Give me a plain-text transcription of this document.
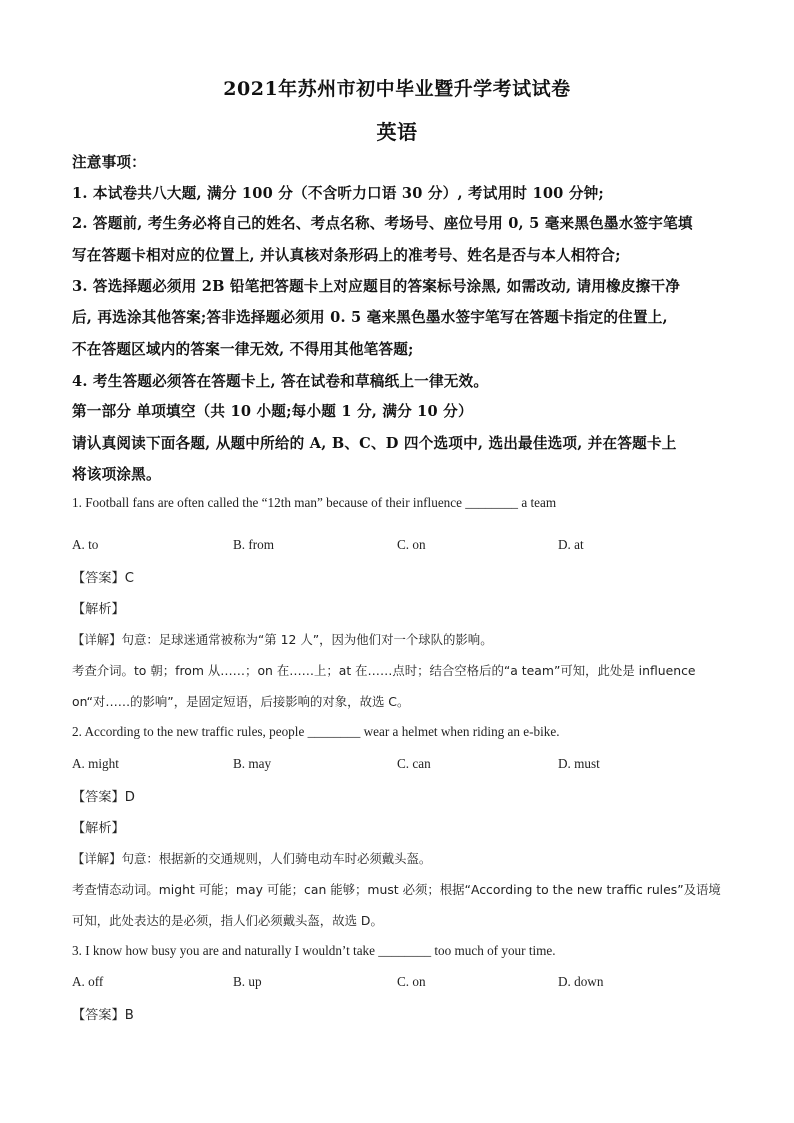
2021年苏州市初中毕业暨升学考试试卷
英语
注意事项：
1. 本试卷共八大题, 满分 100 分（不含听力口语 30 分）, 考试用时 100 分钟;
2. 答题前, 考生务必将自己的姓名、考点名称、考场号、座位号用 0, 5 毫来黑色墨水签宇笔填
写在答题卡相对应的位置上, 并认真核对条形码上的准考号、姓名是否与本人相符合;
3. 答选择题必须用 2B 铅笔把答题卡上对应题目的答案标号涂黑, 如需改动, 请用橡皮擦干净
后, 再选涂其他答案;答非选择题必须用 0. 5 毫来黑色墨水签宇笔写在答题卡指定的住置上,
不在答题区域内的答案一律无效, 不得用其他笔答题;
4. 考生答题必须答在答题卡上, 答在试卷和草稿纸上一律无效。
第一部分 单项填空（共 10 小题;每小题 1 分, 满分 10 分）
请认真阅读下面各题, 从题中所给的 A, B、C、D 四个选项中, 选出最佳选项, 并在答题卡上
将该项涂黑。
1. Football fans are often called the “12th man” because of their influence ________ a team
A. to	B. from	C. on	D. at
【答案】C
【解析】
【详解】句意：足球迷通常被称为“第 12 人”，因为他们对一个球队的影响。
考查介词。to 朝；from 从……；on 在……上；at 在……点时；结合空格后的“a team”可知，此处是 influence
on“对……的影响”，是固定短语，后接影响的对象，故选 C。
2. According to the new traffic rules, people ________ wear a helmet when riding an e-bike.
A. might	B. may	C. can	D. must
【答案】D
【解析】
【详解】句意：根据新的交通规则，人们骑电动车时必须戴头盔。
考查情态动词。might 可能；may 可能；can 能够；must 必须；根据“According to the new traffic rules”及语境
可知，此处表达的是必须，指人们必须戴头盔，故选 D。
3. I know how busy you are and naturally I wouldn’t take ________ too much of your time.
A. off	B. up	C. on	D. down
【答案】B
